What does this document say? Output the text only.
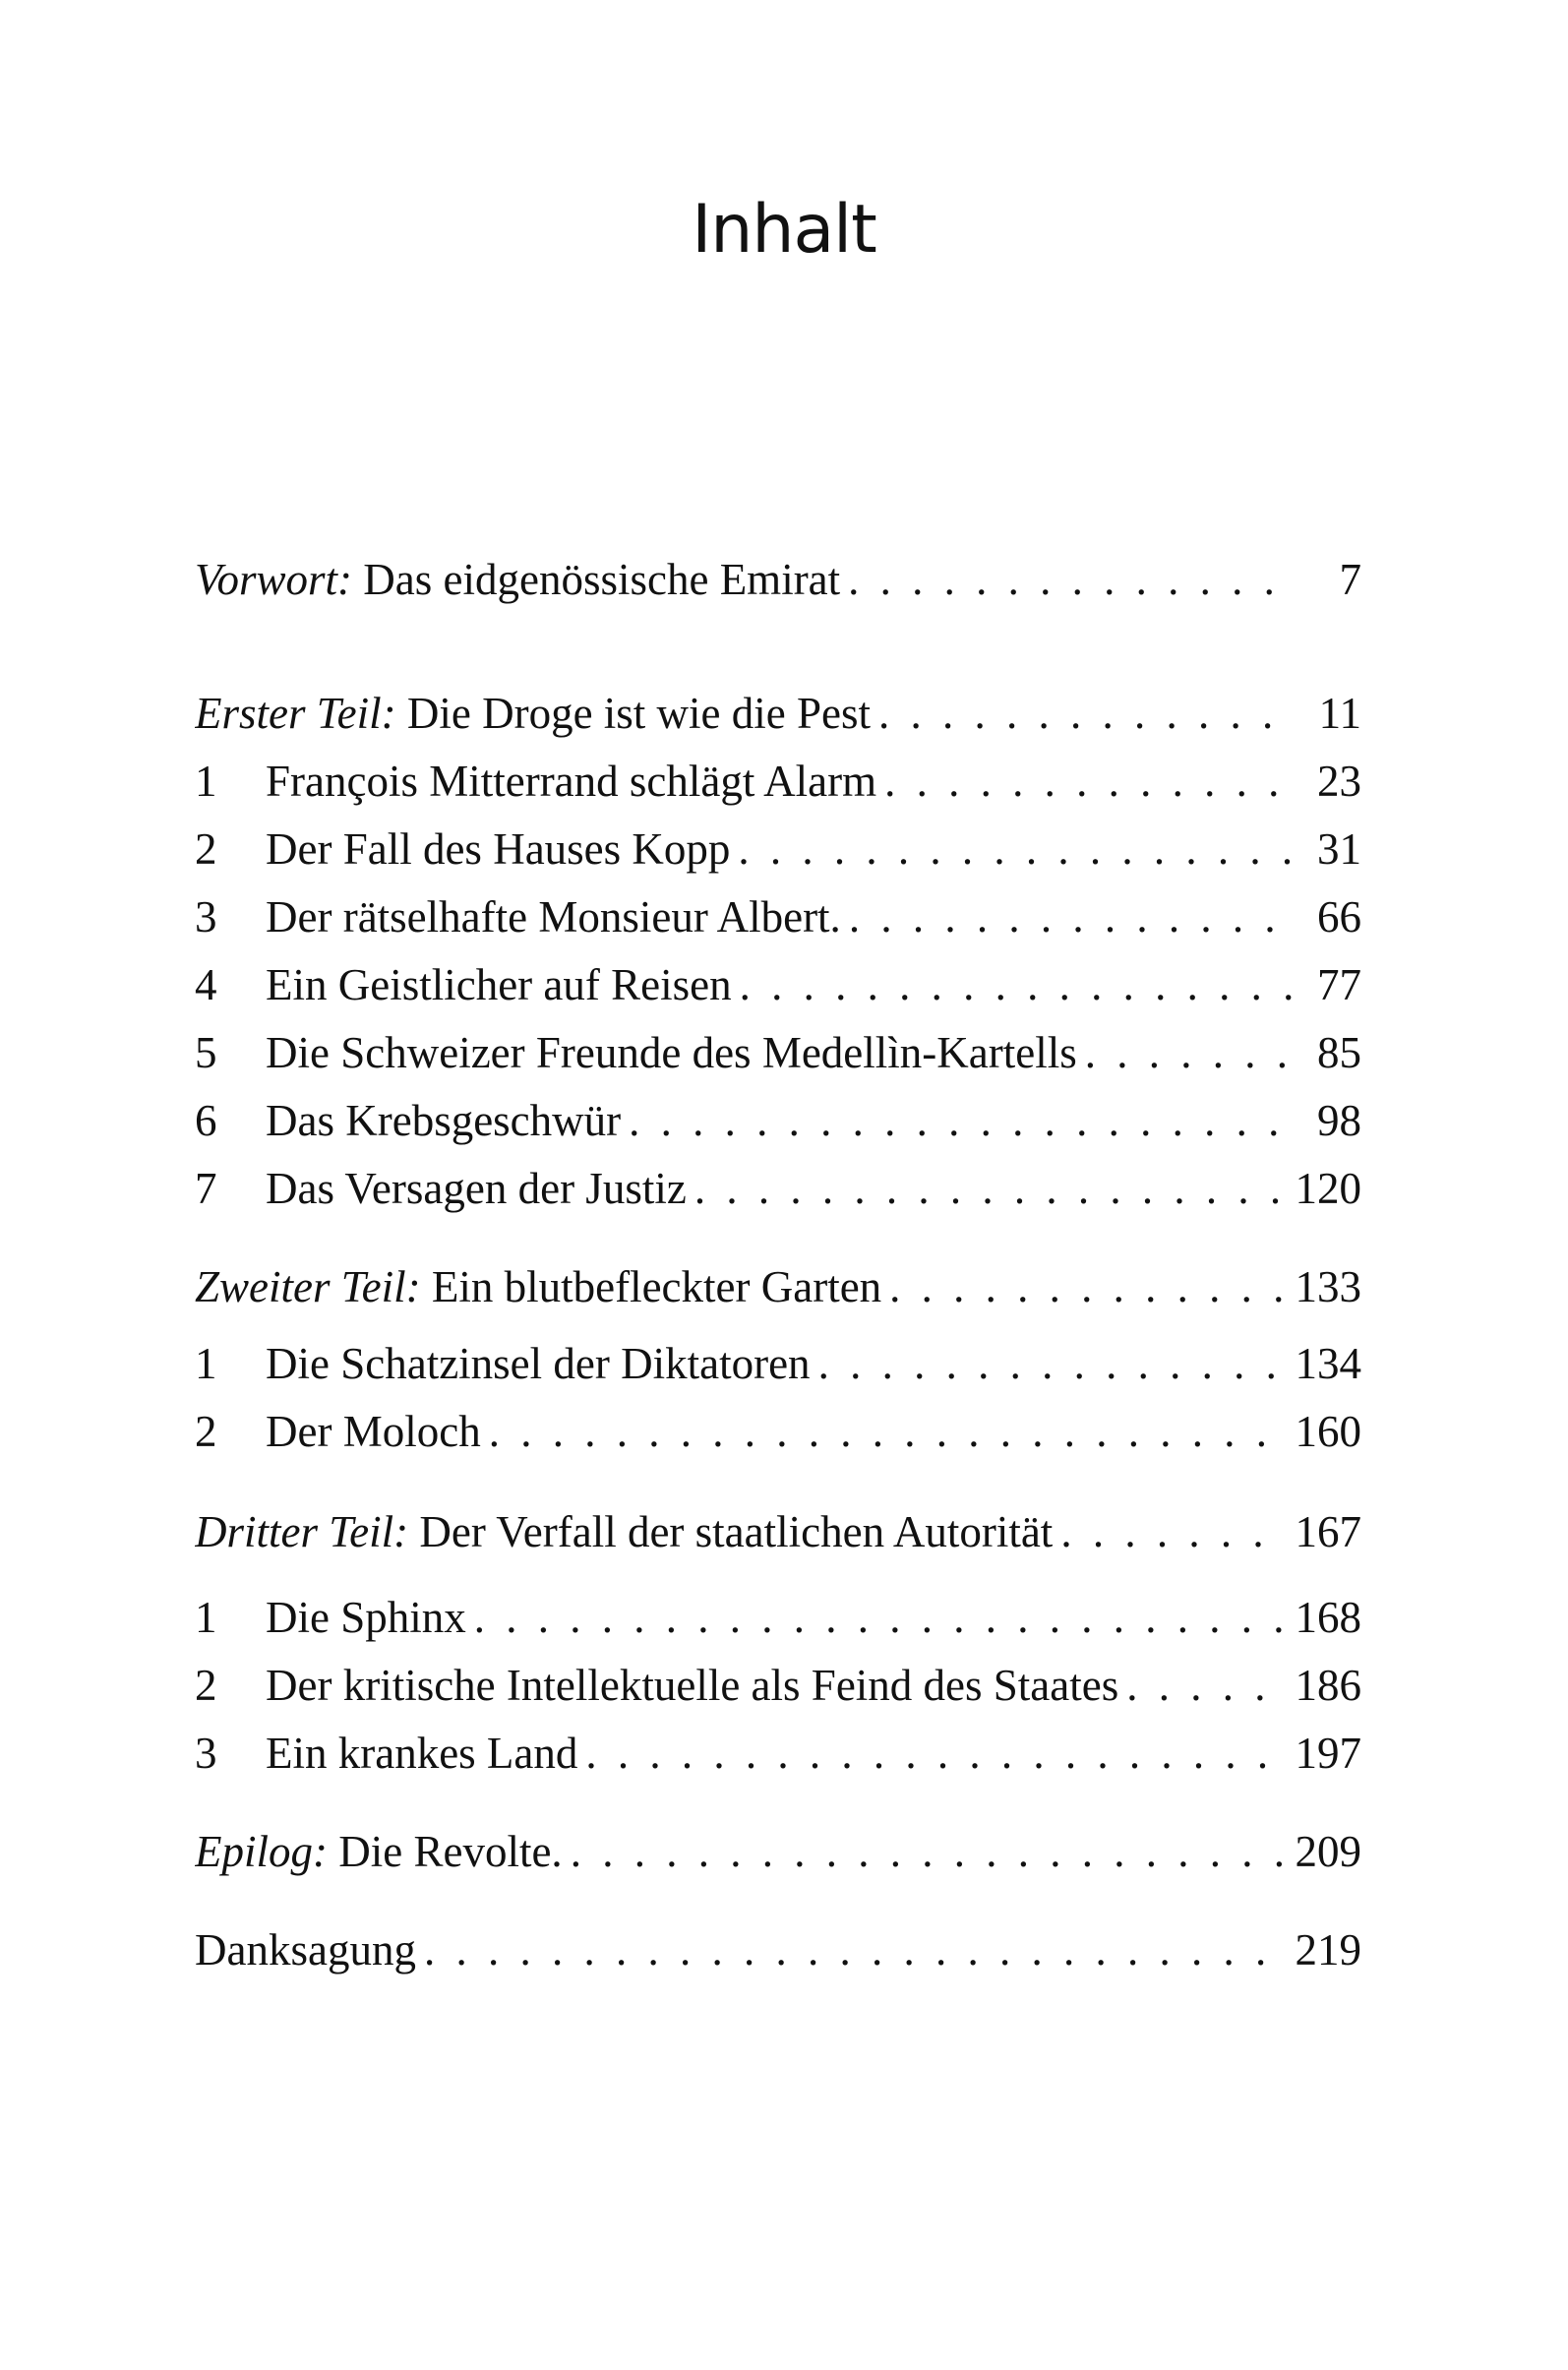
Inhalt
Vorwort: Das eidgenössische Emirat . . .	7
Erster Teil: Die Droge ist wie die Pest . . .	11
1	François Mitterrand schlägt Alarm . . .	23
2	Der Fall des Hauses Kopp . . .	31
3	Der rätselhafte Monsieur Albert. . . .	66
4	Ein Geistlicher auf Reisen . . .	77
5	Die Schweizer Freunde des Medellìn-Kartells . . .	85
6	Das Krebsgeschwür . . .	98
7	Das Versagen der Justiz . . .	120
Zweiter Teil: Ein blutbefleckter Garten . . .	133
1	Die Schatzinsel der Diktatoren . . .	134
2	Der Moloch . . .	160
Dritter Teil: Der Verfall der staatlichen Autorität . . .	167
1	Die Sphinx . . .	168
2	Der kritische Intellektuelle als Feind des Staates . . .	186
3	Ein krankes Land . . .	197
Epilog: Die Revolte. . . .	209
Danksagung . . .	219
